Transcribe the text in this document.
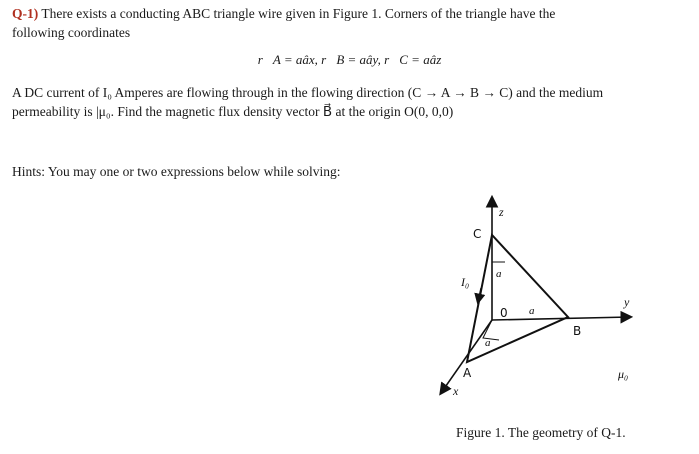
Q-1) There exists a conducting ABC triangle wire given in Figure 1. Corners of the triangle have the
following coordinates
r⃗A = aâx, r⃗B = aây, r⃗C = aâz
A DC current of I₀ Amperes are flowing through in the flowing direction (C → A → B → C) and the medium
permeability is |μ₀. Find the magnetic flux density vector B⃗ at the origin O(0, 0,0)
Hints: You may one or two expressions below while solving:
z
y
x
C
A
B
0
a
a
a
I₀
μ₀
Figure 1. The geometry of Q-1.
